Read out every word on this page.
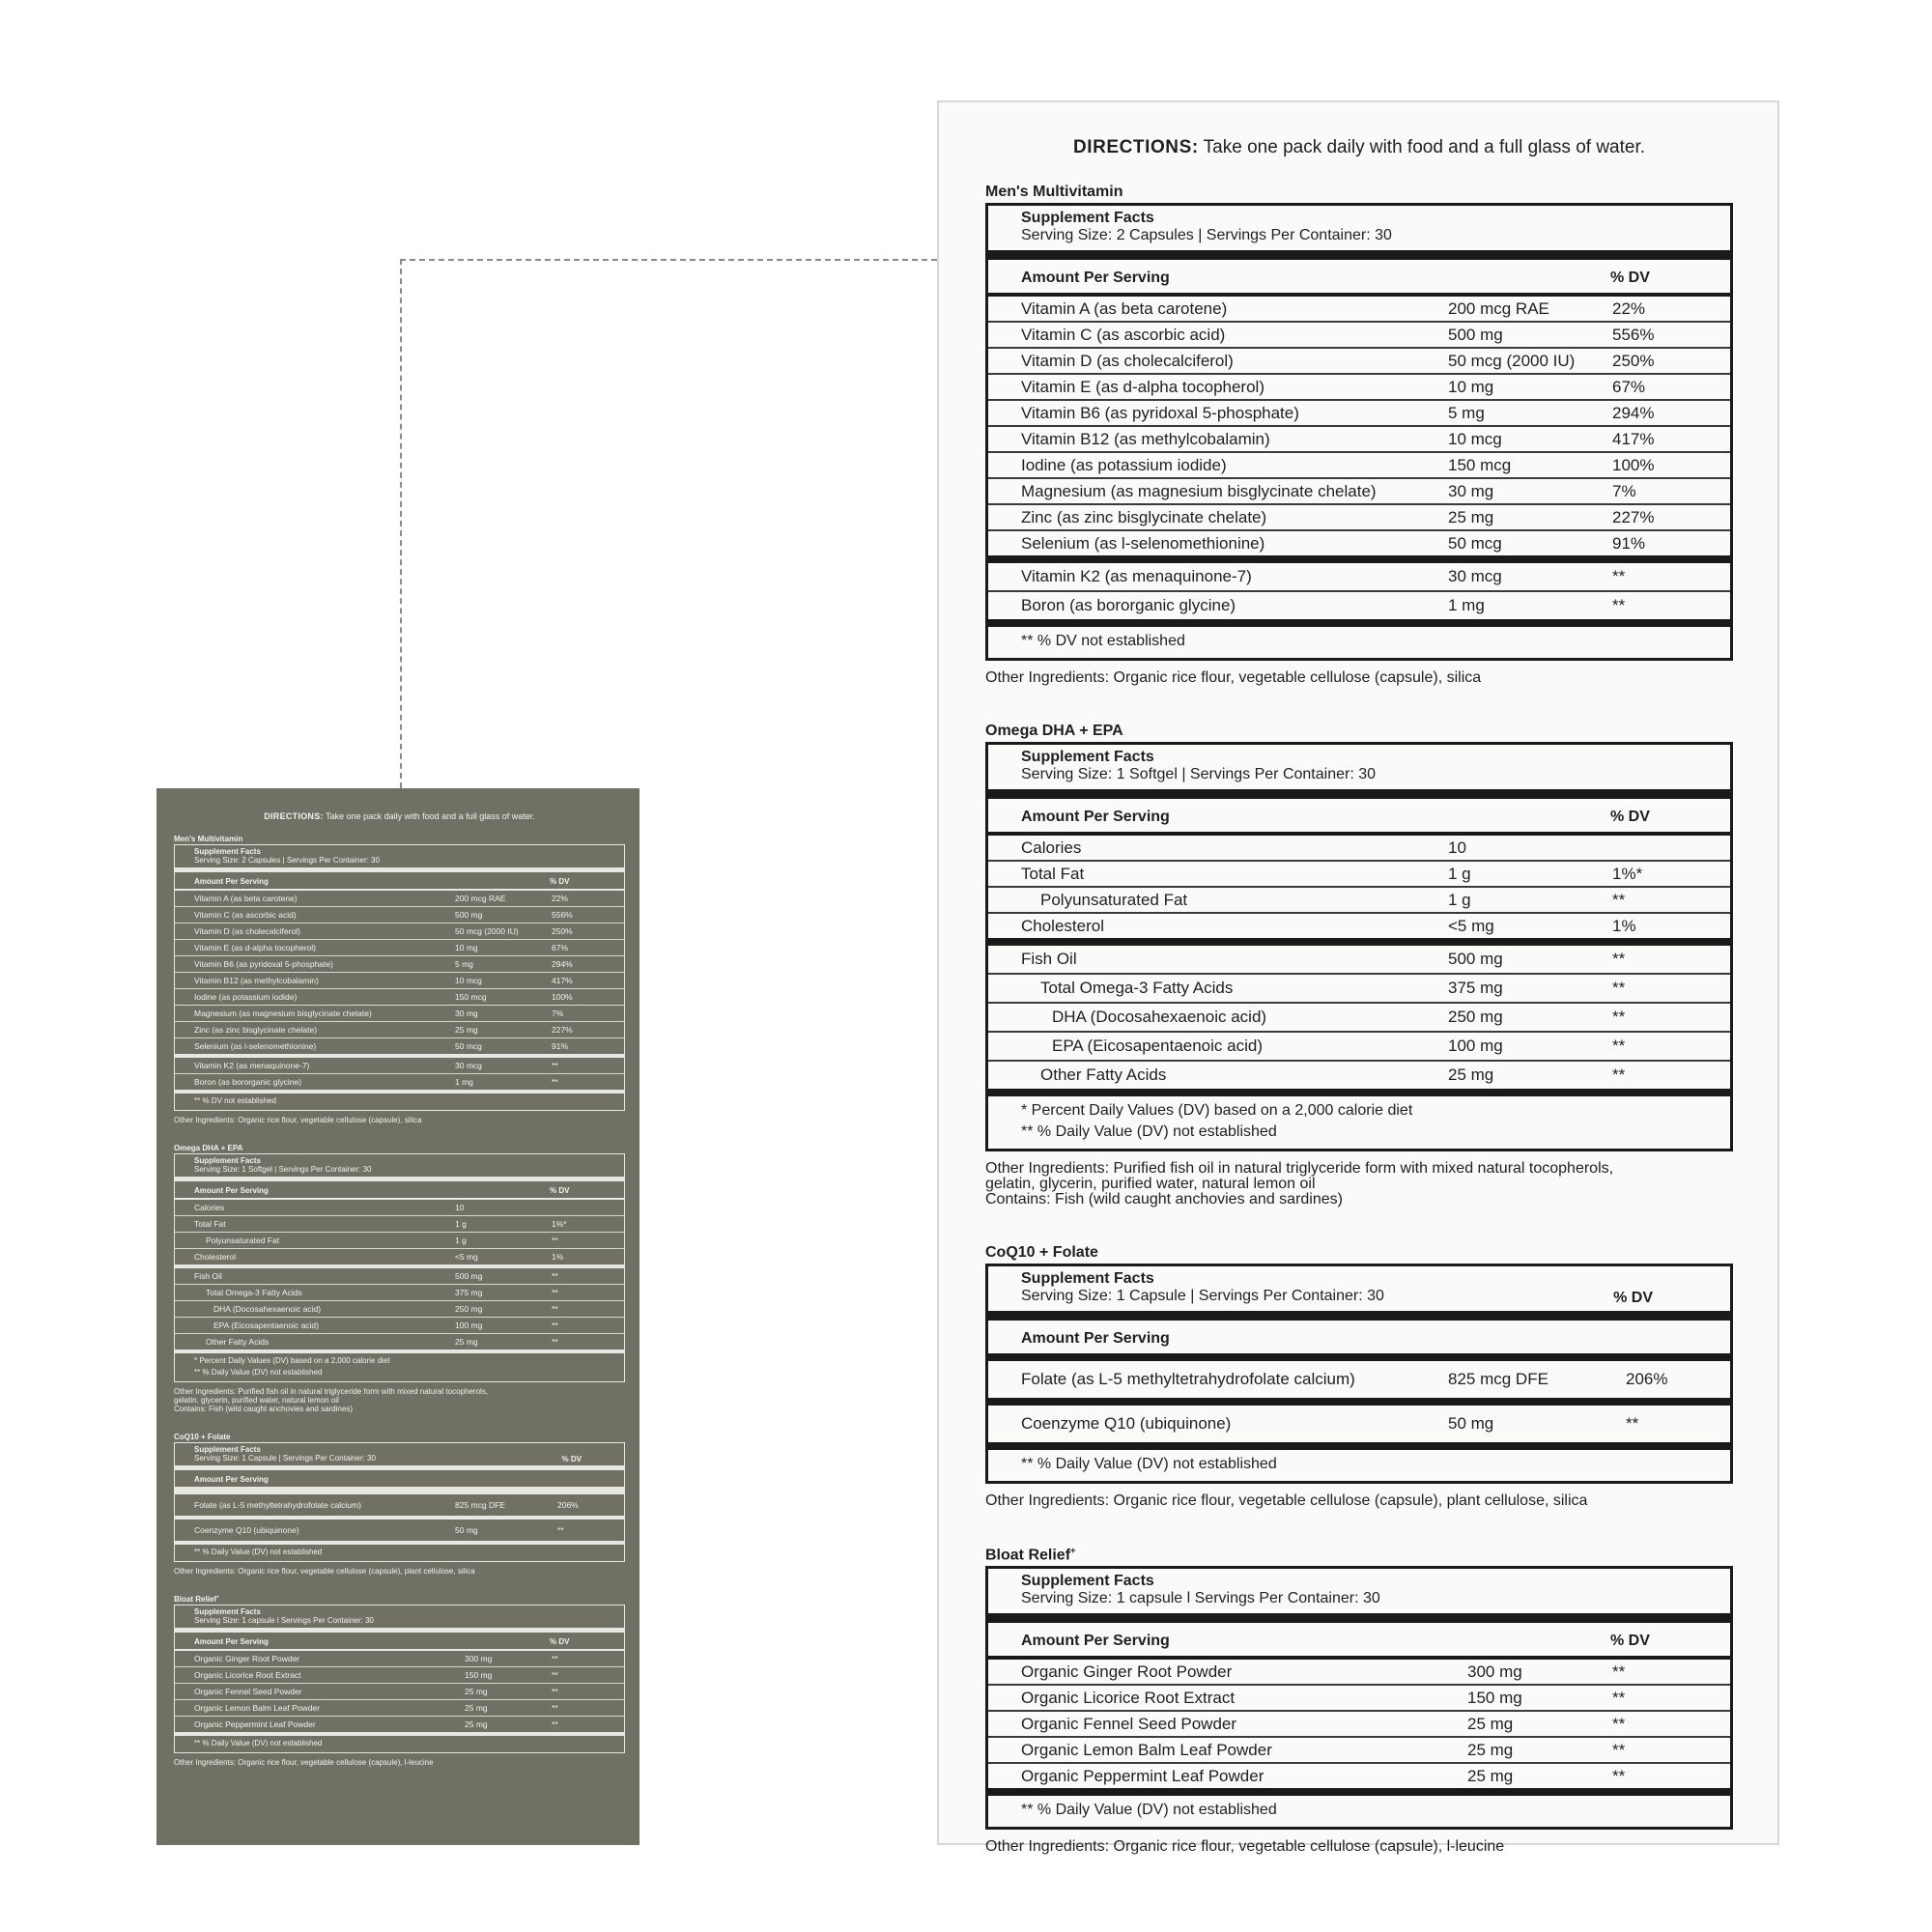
DIRECTIONS: Take one pack daily with food and a full glass of water.
Men's Multivitamin
Supplement Facts
Serving Size: 2 Capsules | Servings Per Container: 30
Amount Per Serving	% DV
Vitamin A (as beta carotene)	200 mcg RAE	22%
Vitamin C (as ascorbic acid)	500 mg	556%
Vitamin D (as cholecalciferol)	50 mcg (2000 IU)	250%
Vitamin E (as d-alpha tocopherol)	10 mg	67%
Vitamin B6 (as pyridoxal 5-phosphate)	5 mg	294%
Vitamin B12 (as methylcobalamin)	10 mcg	417%
Iodine (as potassium iodide)	150 mcg	100%
Magnesium (as magnesium bisglycinate chelate)	30 mg	7%
Zinc (as zinc bisglycinate chelate)	25 mg	227%
Selenium (as l-selenomethionine)	50 mcg	91%
Vitamin K2 (as menaquinone-7)	30 mcg	**
Boron (as bororganic glycine)	1 mg	**
** % DV not established
Other Ingredients: Organic rice flour, vegetable cellulose (capsule), silica
Omega DHA + EPA
Supplement Facts
Serving Size: 1 Softgel | Servings Per Container: 30
Amount Per Serving	% DV
Calories	10
Total Fat	1 g	1%*
Polyunsaturated Fat	1 g	**
Cholesterol	<5 mg	1%
Fish Oil	500 mg	**
Total Omega-3 Fatty Acids	375 mg	**
DHA (Docosahexaenoic acid)	250 mg	**
EPA (Eicosapentaenoic acid)	100 mg	**
Other Fatty Acids	25 mg	**
* Percent Daily Values (DV) based on a 2,000 calorie diet
** % Daily Value (DV) not established
Other Ingredients: Purified fish oil in natural triglyceride form with mixed natural tocopherols,
gelatin, glycerin, purified water, natural lemon oil
Contains: Fish (wild caught anchovies and sardines)
CoQ10 + Folate
Supplement Facts
Serving Size: 1 Capsule | Servings Per Container: 30	% DV
Amount Per Serving
Folate (as L-5 methyltetrahydrofolate calcium)	825 mcg DFE	206%
Coenzyme Q10 (ubiquinone)	50 mg	**
** % Daily Value (DV) not established
Other Ingredients: Organic rice flour, vegetable cellulose (capsule), plant cellulose, silica
Bloat Relief+
Supplement Facts
Serving Size: 1 capsule l Servings Per Container: 30
Amount Per Serving	% DV
Organic Ginger Root Powder	300 mg	**
Organic Licorice Root Extract	150 mg	**
Organic Fennel Seed Powder	25 mg	**
Organic Lemon Balm Leaf Powder	25 mg	**
Organic Peppermint Leaf Powder	25 mg	**
** % Daily Value (DV) not established
Other Ingredients: Organic rice flour, vegetable cellulose (capsule), l-leucine
DIRECTIONS: Take one pack daily with food and a full glass of water.
Men's Multivitamin
Supplement Facts
Serving Size: 2 Capsules | Servings Per Container: 30
Amount Per Serving	% DV
Vitamin A (as beta carotene)	200 mcg RAE	22%
Vitamin C (as ascorbic acid)	500 mg	556%
Vitamin D (as cholecalciferol)	50 mcg (2000 IU) 250%
Vitamin E (as d-alpha tocopherol)	10 mg	67%
Vitamin B6 (as pyridoxal 5-phosphate)	5 mg	294%
Vitamin B12 (as methylcobalamin)	10 mcg	417%
Iodine (as potassium iodide)	150 mcg	100%
Magnesium (as magnesium bisglycinate chelate)	30 mg	7%
Zinc (as zinc bisglycinate chelate)	25 mg	227%
Selenium (as l-selenomethionine)	50 mcg	91%
Vitamin K2 (as menaquinone-7)	30 mcg	**
Boron (as bororganic glycine)	1 mg	**
** % DV not established
Other Ingredients: Organic rice flour, vegetable cellulose (capsule), silica
Omega DHA + EPA
Supplement Facts
Serving Size: 1 Softgel | Servings Per Container: 30
Amount Per Serving	% DV
Calories	10
Total Fat	1 g	1%*
Polyunsaturated Fat	1 g	**
Cholesterol	<5 mg	1%
Fish Oil	500 mg	**
Total Omega-3 Fatty Acids	375 mg	**
DHA (Docosahexaenoic acid)	250 mg	**
EPA (Eicosapentaenoic acid)	100 mg	**
Other Fatty Acids	25 mg	**
* Percent Daily Values (DV) based on a 2,000 calorie diet
** % Daily Value (DV) not established
Other Ingredients: Purified fish oil in natural triglyceride form with mixed natural tocopherols,
gelatin, glycerin, purified water, natural lemon oil
Contains: Fish (wild caught anchovies and sardines)
CoQ10 + Folate
Supplement Facts
Serving Size: 1 Capsule | Servings Per Container: 30	% DV
Amount Per Serving
Folate (as L-5 methyltetrahydrofolate calcium)	825 mcg DFE	206%
Coenzyme Q10 (ubiquinone)	50 mg	**
** % Daily Value (DV) not established
Other Ingredients: Organic rice flour, vegetable cellulose (capsule), plant cellulose, silica
Bloat Relief+
Supplement Facts
Serving Size: 1 capsule l Servings Per Container: 30
Amount Per Serving	% DV
Organic Ginger Root Powder	300 mg	**
Organic Licorice Root Extract	150 mg	**
Organic Fennel Seed Powder	25 mg	**
Organic Lemon Balm Leaf Powder	25 mg	**
Organic Peppermint Leaf Powder	25 mg	**
** % Daily Value (DV) not established
Other Ingredients: Organic rice flour, vegetable cellulose (capsule), l-leucine
